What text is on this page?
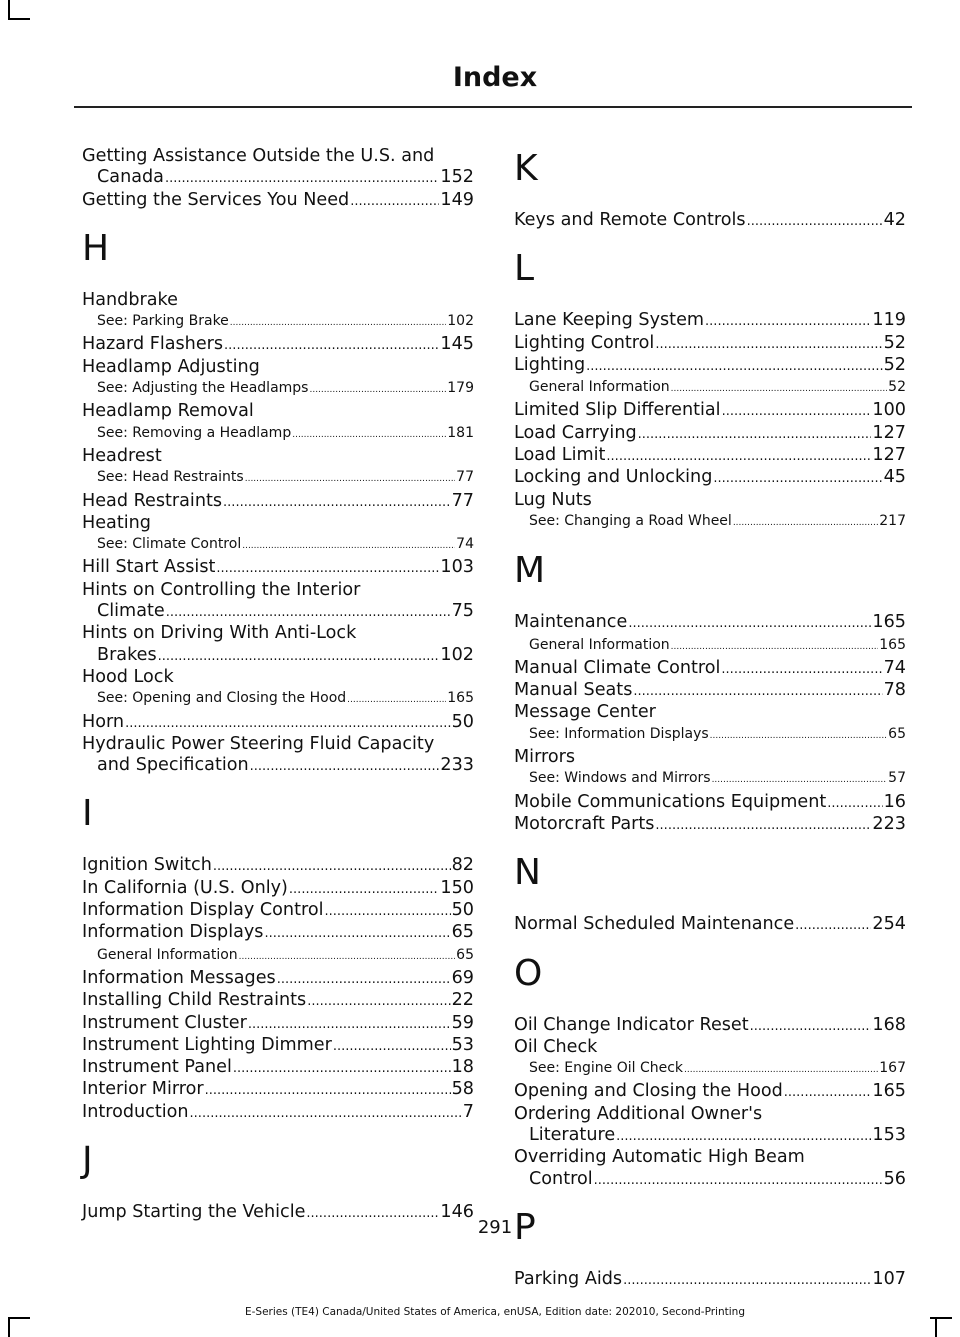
Index
Getting Assistance Outside the U.S. and
Canada .....	152
Getting the Services You Need .....	149
H
Handbrake
See: Parking Brake .....	102
Hazard Flashers .....	145
Headlamp Adjusting
See: Adjusting the Headlamps .....	179
Headlamp Removal
See: Removing a Headlamp .....	181
Headrest
See: Head Restraints .....	77
Head Restraints .....	77
Heating
See: Climate Control .....	74
Hill Start Assist .....	103
Hints on Controlling the Interior
Climate .....	75
Hints on Driving With Anti-Lock
Brakes .....	102
Hood Lock
See: Opening and Closing the Hood .....	165
Horn .....	50
Hydraulic Power Steering Fluid Capacity
and Specification .....	233
I
Ignition Switch .....	82
In California (U.S. Only) .....	150
Information Display Control .....	50
Information Displays .....	65
General Information .....	65
Information Messages .....	69
Installing Child Restraints .....	22
Instrument Cluster .....	59
Instrument Lighting Dimmer .....	53
Instrument Panel .....	18
Interior Mirror .....	58
Introduction .....	7
J
Jump Starting the Vehicle .....	146
K
Keys and Remote Controls .....	42
L
Lane Keeping System .....	119
Lighting Control .....	52
Lighting .....	52
General Information .....	52
Limited Slip Differential .....	100
Load Carrying .....	127
Load Limit .....	127
Locking and Unlocking .....	45
Lug Nuts
See: Changing a Road Wheel .....	217
M
Maintenance .....	165
General Information .....	165
Manual Climate Control .....	74
Manual Seats .....	78
Message Center
See: Information Displays .....	65
Mirrors
See: Windows and Mirrors .....	57
Mobile Communications Equipment .....	16
Motorcraft Parts .....	223
N
Normal Scheduled Maintenance .....	254
O
Oil Change Indicator Reset .....	168
Oil Check
See: Engine Oil Check .....	167
Opening and Closing the Hood .....	165
Ordering Additional Owner's
Literature .....	153
Overriding Automatic High Beam
Control .....	56
P
Parking Aids .....	107
291
E-Series (TE4) Canada/United States of America, enUSA, Edition date: 202010, Second-Printing
